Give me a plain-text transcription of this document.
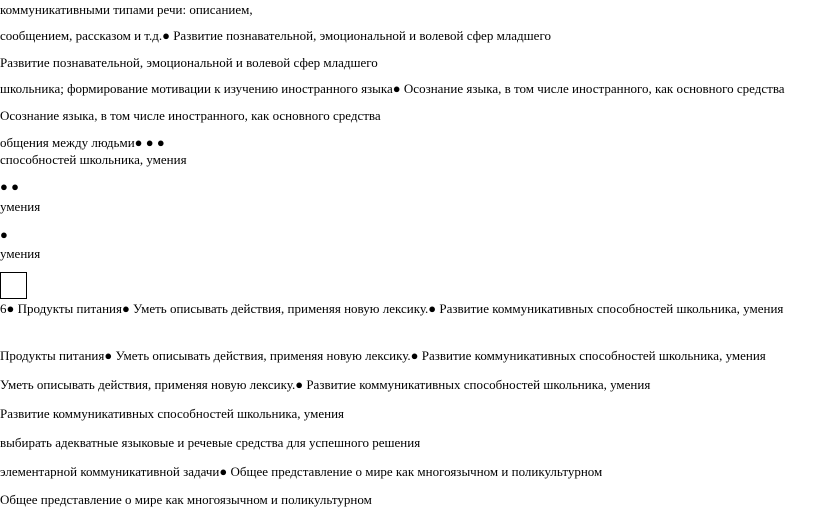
коммуникативными типами речи: описанием,
сообщением, рассказом и т.д.● Развитие познавательной, эмоциональной и волевой сфер младшего
Развитие познавательной, эмоциональной и волевой сфер младшего
школьника; формирование мотивации к изучению иностранного языка● Осознание языка, в том числе иностранного, как основного средства
Осознание языка, в том числе иностранного, как основного средства
общения между людьми● ● ●
способностей школьника, умения
● ●
умения
●
умения
6● Продукты питания● Уметь описывать действия, применяя новую лексику.● Развитие коммуникативных способностей школьника, умения
Продукты питания● Уметь описывать действия, применяя новую лексику.● Развитие коммуникативных способностей школьника, умения
Уметь описывать действия, применяя новую лексику.● Развитие коммуникативных способностей школьника, умения
Развитие коммуникативных способностей школьника, умения
выбирать адекватные языковые и речевые средства для успешного решения
элементарной коммуникативной задачи● Общее представление о мире как многоязычном и поликультурном
Общее представление о мире как многоязычном и поликультурном
